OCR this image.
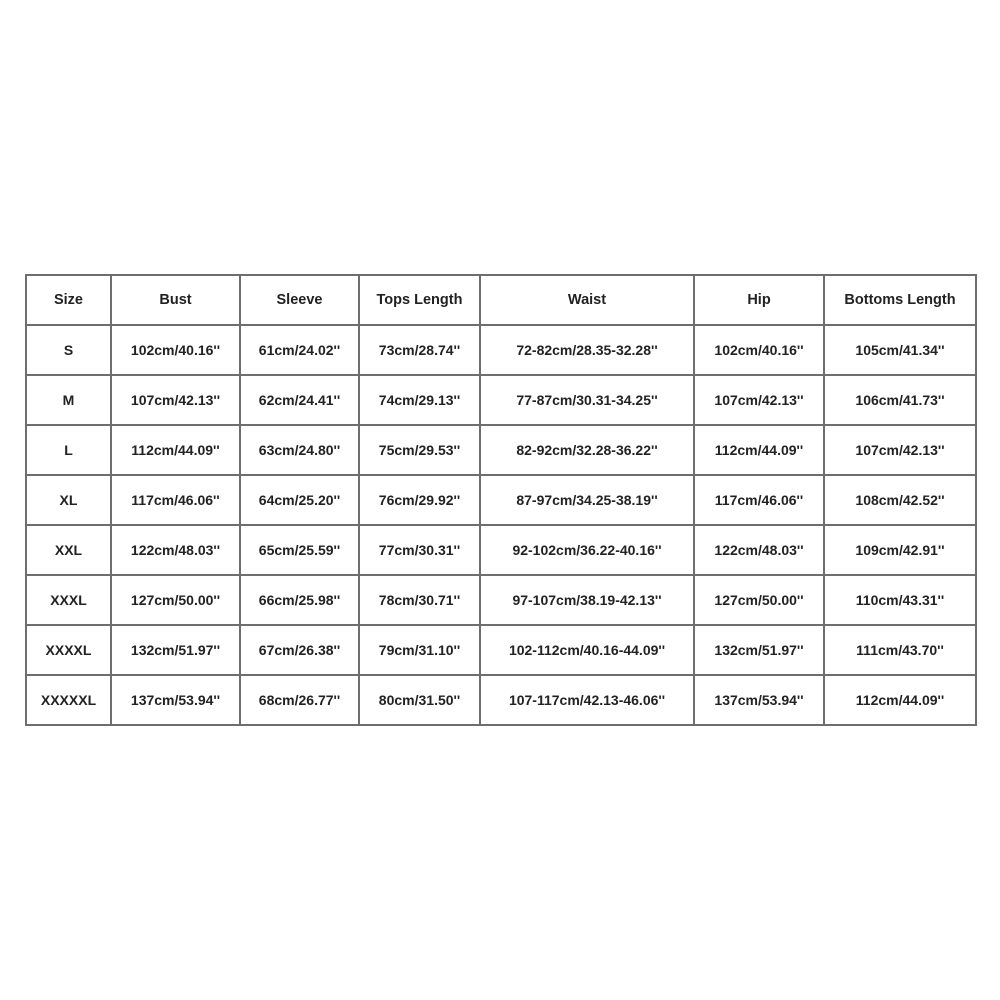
Size	Bust	Sleeve	Tops Length	Waist	Hip	Bottoms Length
S	102cm/40.16''	61cm/24.02''	73cm/28.74''	72-82cm/28.35-32.28''	102cm/40.16''	105cm/41.34''
M	107cm/42.13''	62cm/24.41''	74cm/29.13''	77-87cm/30.31-34.25''	107cm/42.13''	106cm/41.73''
L	112cm/44.09''	63cm/24.80''	75cm/29.53''	82-92cm/32.28-36.22''	112cm/44.09''	107cm/42.13''
XL	117cm/46.06''	64cm/25.20''	76cm/29.92''	87-97cm/34.25-38.19''	117cm/46.06''	108cm/42.52''
XXL	122cm/48.03''	65cm/25.59''	77cm/30.31''	92-102cm/36.22-40.16''	122cm/48.03''	109cm/42.91''
XXXL	127cm/50.00''	66cm/25.98''	78cm/30.71''	97-107cm/38.19-42.13''	127cm/50.00''	110cm/43.31''
XXXXL	132cm/51.97''	67cm/26.38''	79cm/31.10''	102-112cm/40.16-44.09''	132cm/51.97''	111cm/43.70''
XXXXXL	137cm/53.94''	68cm/26.77''	80cm/31.50''	107-117cm/42.13-46.06''	137cm/53.94''	112cm/44.09''
